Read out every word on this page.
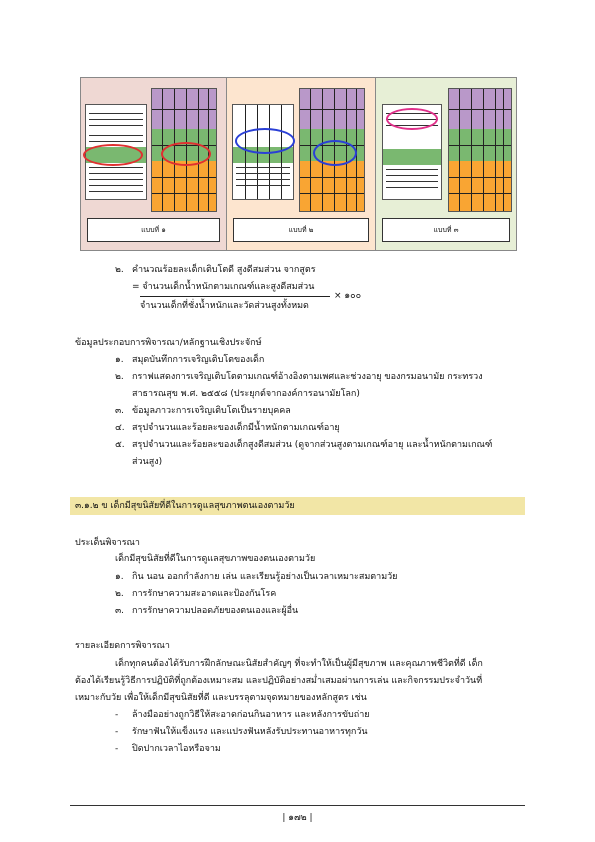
แบบที่ ๑	แบบที่ ๒	แบบที่ ๓
๒. คำนวณร้อยละเด็กเติบโตดี สูงดีสมส่วน จากสูตร
= จำนวนเด็กน้ำหนักตามเกณฑ์และสูงดีสมส่วน
จำนวนเด็กที่ชั่งน้ำหนักและวัดส่วนสูงทั้งหมด
× ๑๐๐
ข้อมูลประกอบการพิจารณา/หลักฐานเชิงประจักษ์
๑. สมุดบันทึกการเจริญเติบโตของเด็ก
๒. กราฟแสดงการเจริญเติบโตตามเกณฑ์อ้างอิงตามเพศและช่วงอายุ ของกรมอนามัย กระทรวง
สาธารณสุข พ.ศ. ๒๕๕๘ (ประยุกต์จากองค์การอนามัยโลก)
๓. ข้อมูลภาวะการเจริญเติบโตเป็นรายบุคคล
๔. สรุปจำนวนและร้อยละของเด็กมีน้ำหนักตามเกณฑ์อายุ
๕. สรุปจำนวนและร้อยละของเด็กสูงดีสมส่วน (ดูจากส่วนสูงตามเกณฑ์อายุ และน้ำหนักตามเกณฑ์
ส่วนสูง)
๓.๑.๒ ข เด็กมีสุขนิสัยที่ดีในการดูแลสุขภาพตนเองตามวัย
ประเด็นพิจารณา
เด็กมีสุขนิสัยที่ดีในการดูแลสุขภาพของตนเองตามวัย
๑. กิน นอน ออกกำลังกาย เล่น และเรียนรู้อย่างเป็นเวลาเหมาะสมตามวัย
๒. การรักษาความสะอาดและป้องกันโรค
๓. การรักษาความปลอดภัยของตนเองและผู้อื่น
รายละเอียดการพิจารณา
เด็กทุกคนต้องได้รับการฝึกลักษณะนิสัยสำคัญๆ ที่จะทำให้เป็นผู้มีสุขภาพ และคุณภาพชีวิตที่ดี เด็ก
ต้องได้เรียนรู้วิธีการปฏิบัติที่ถูกต้องเหมาะสม และปฏิบัติอย่างสม่ำเสมอผ่านการเล่น และกิจกรรมประจำวันที่
เหมาะกับวัย เพื่อให้เด็กมีสุขนิสัยที่ดี และบรรลุตามจุดหมายของหลักสูตร เช่น
- ล้างมืออย่างถูกวิธีให้สะอาดก่อนกินอาหาร และหลังการขับถ่าย
- รักษาฟันให้แข็งแรง และแปรงฟันหลังรับประทานอาหารทุกวัน
- ปิดปากเวลาไอหรือจาม
| ๑๗๒ |
